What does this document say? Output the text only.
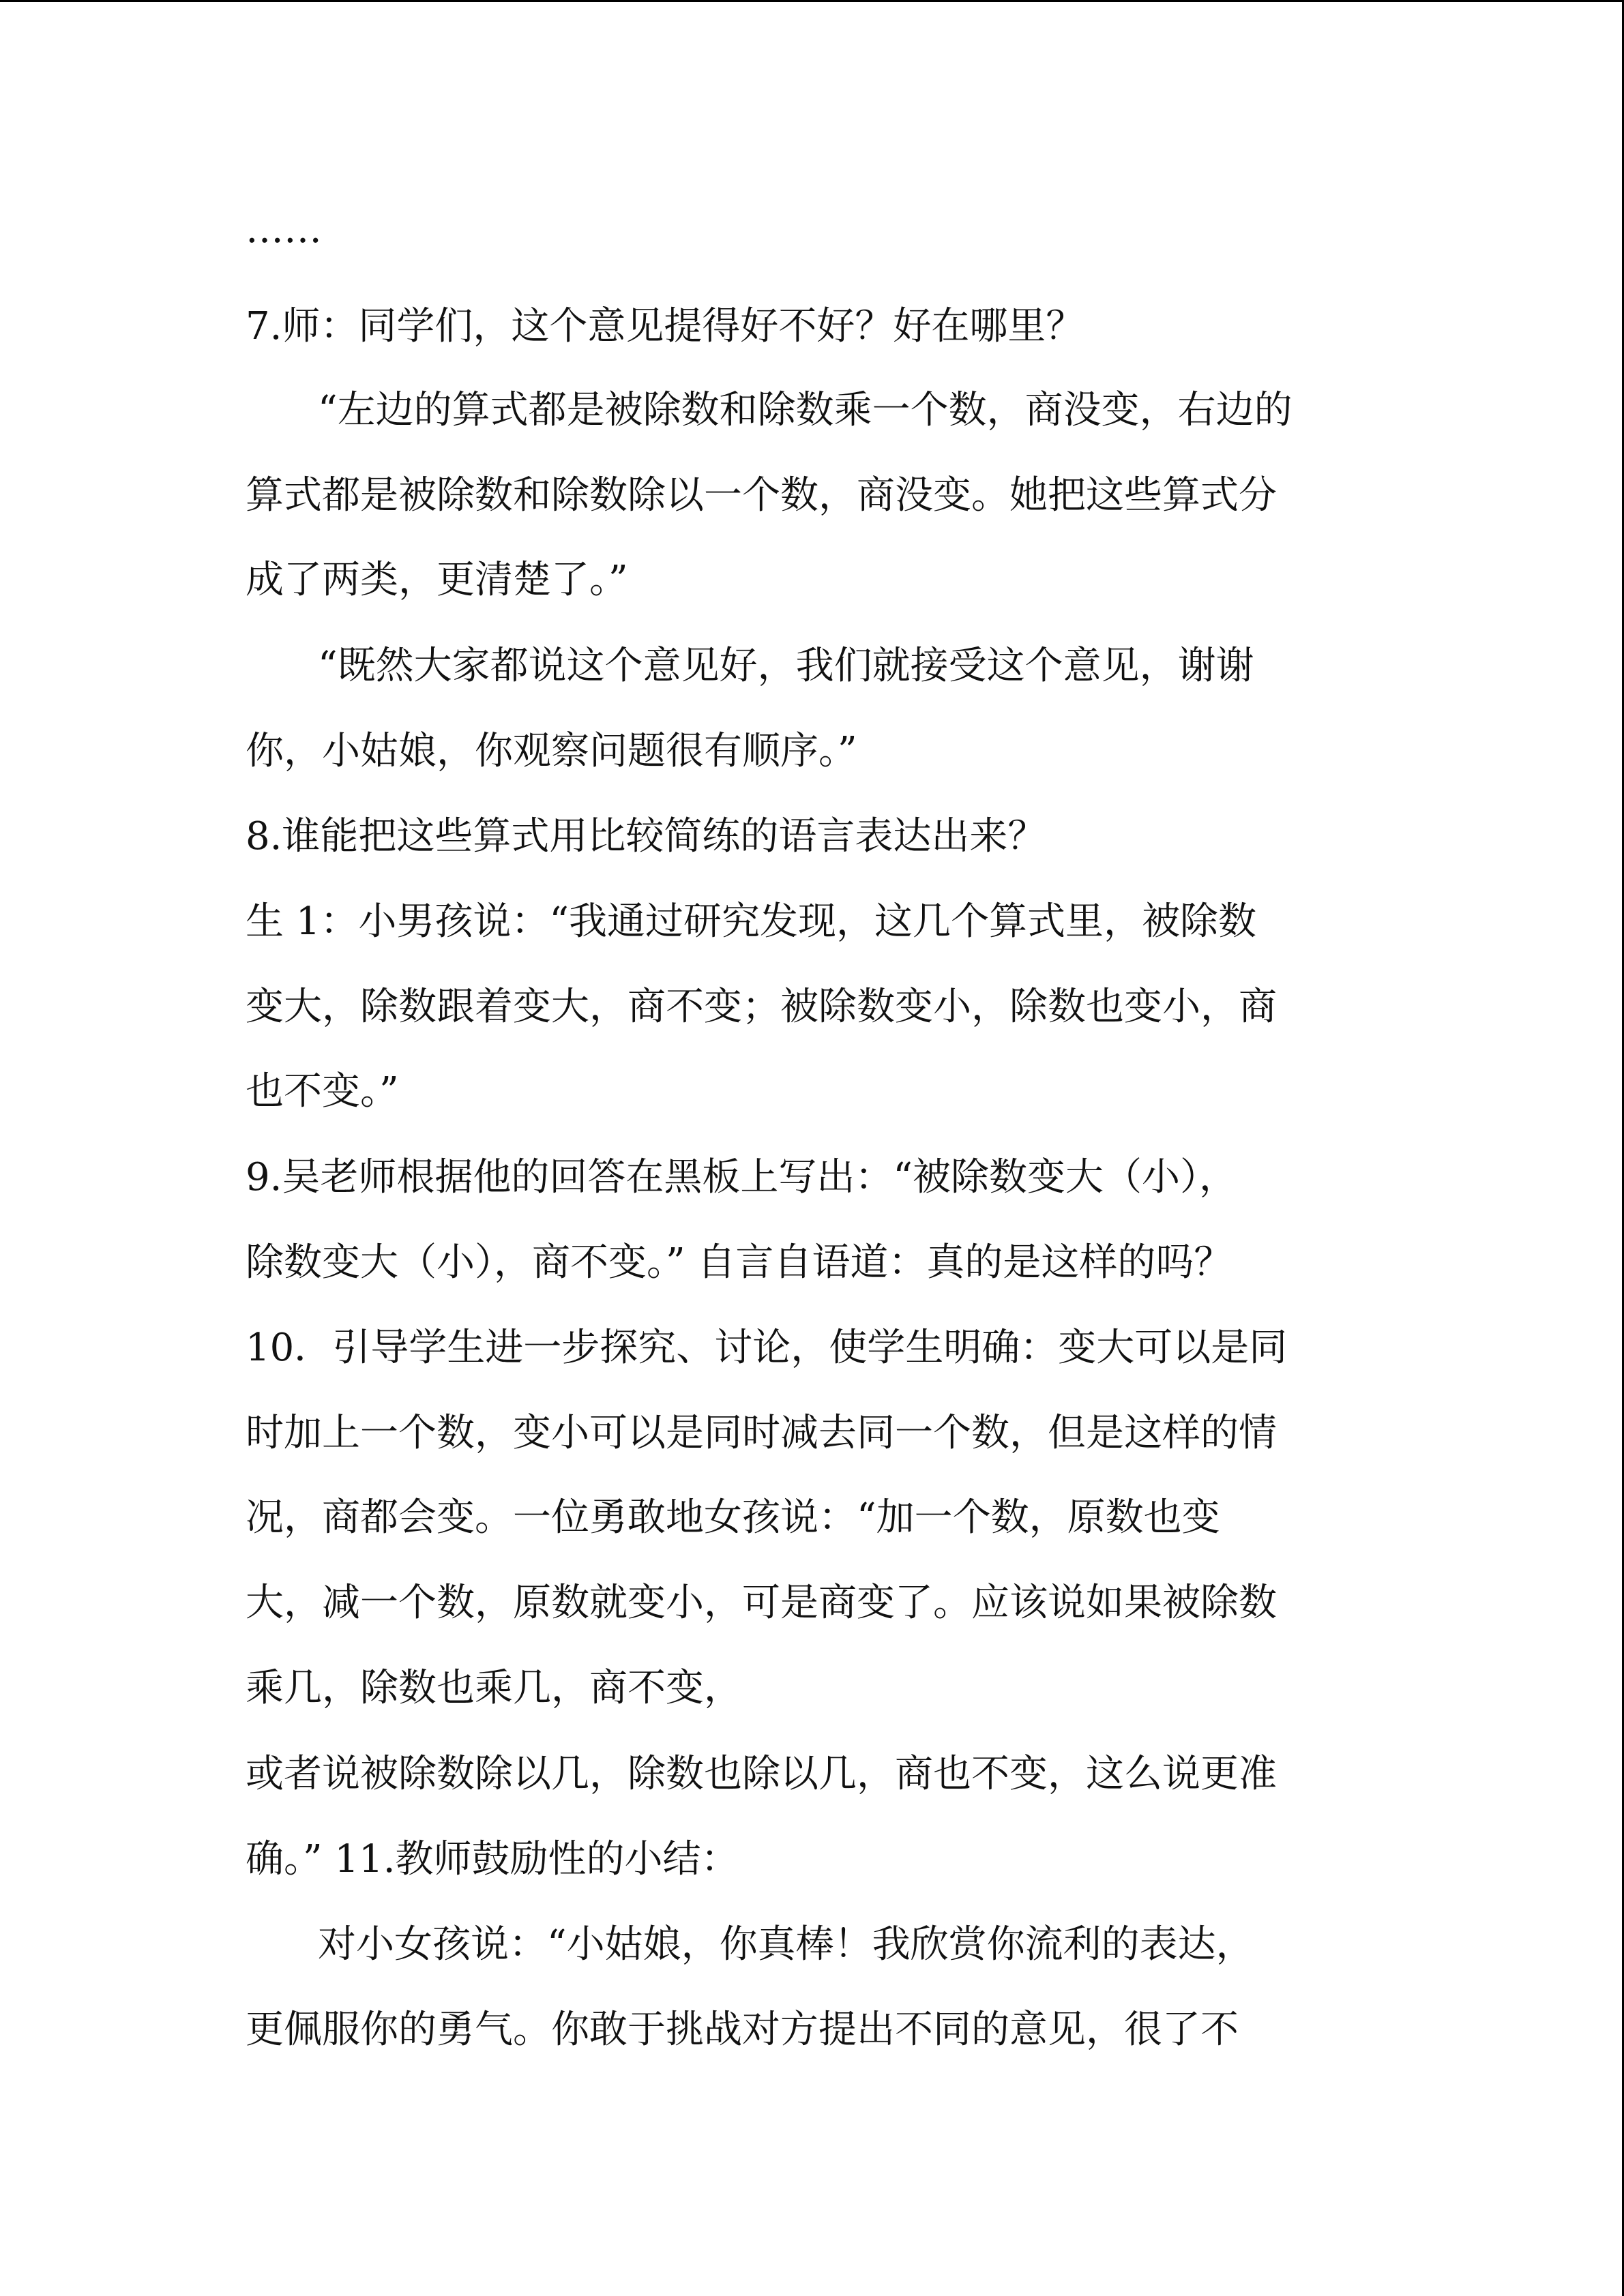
……

7.师：同学们，这个意见提得好不好？好在哪里？

“左边的算式都是被除数和除数乘一个数，商没变，右边的

算式都是被除数和除数除以一个数，商没变。她把这些算式分

成了两类，更清楚了。”

“既然大家都说这个意见好，我们就接受这个意见，谢谢

你，小姑娘，你观察问题很有顺序。”

8.谁能把这些算式用比较简练的语言表达出来？

生 1：小男孩说：“我通过研究发现，这几个算式里，被除数

变大，除数跟着变大，商不变；被除数变小，除数也变小，商

也不变。”

9.吴老师根据他的回答在黑板上写出：“被除数变大（小），

除数变大（小），商不变。” 自言自语道：真的是这样的吗？

10．引导学生进一步探究、讨论，使学生明确：变大可以是同

时加上一个数，变小可以是同时减去同一个数，但是这样的情

况，商都会变。一位勇敢地女孩说：“加一个数，原数也变

大，减一个数，原数就变小，可是商变了。应该说如果被除数

乘几，除数也乘几，商不变，

或者说被除数除以几，除数也除以几，商也不变，这么说更准

确。” 11.教师鼓励性的小结：

对小女孩说：“小姑娘，你真棒！我欣赏你流利的表达，

更佩服你的勇气。你敢于挑战对方提出不同的意见，很了不
